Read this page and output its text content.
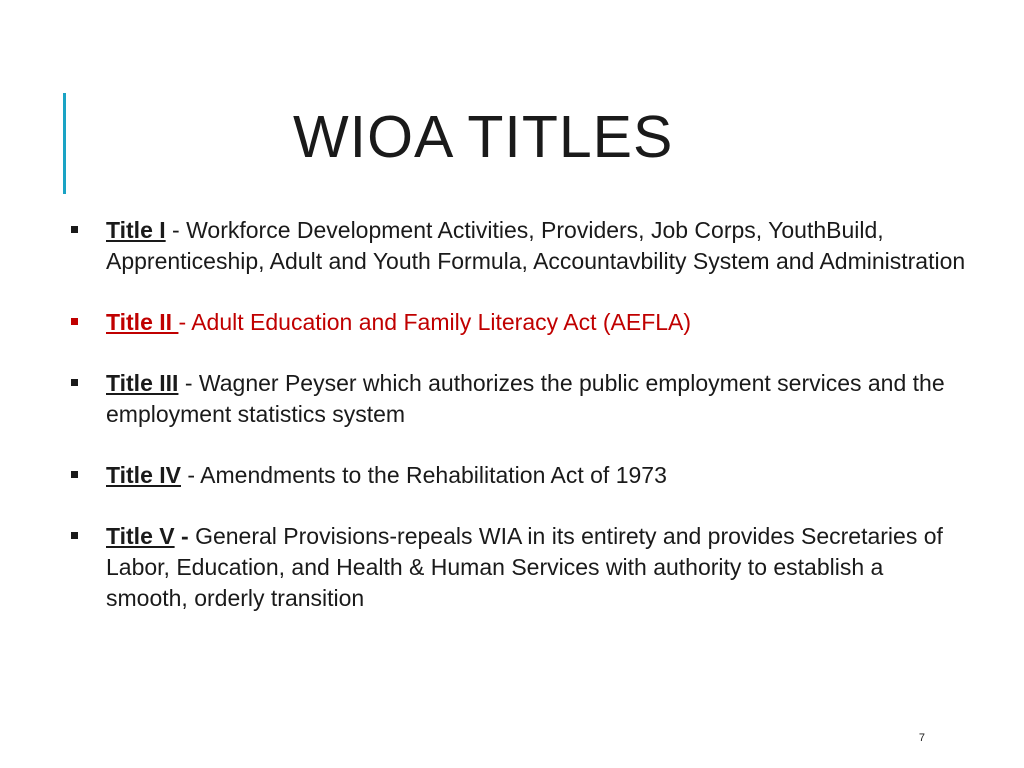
WIOA TITLES
Title I - Workforce Development Activities, Providers, Job Corps, YouthBuild, Apprenticeship, Adult and Youth Formula, Accountavbility System and Administration
Title II - Adult Education and Family Literacy Act (AEFLA)
Title III - Wagner Peyser which authorizes the public employment services and the employment statistics system
Title IV - Amendments to the Rehabilitation Act of 1973
Title V - General Provisions-repeals WIA in its entirety and provides Secretaries of Labor, Education, and Health & Human Services with authority to establish a smooth, orderly transition
7
